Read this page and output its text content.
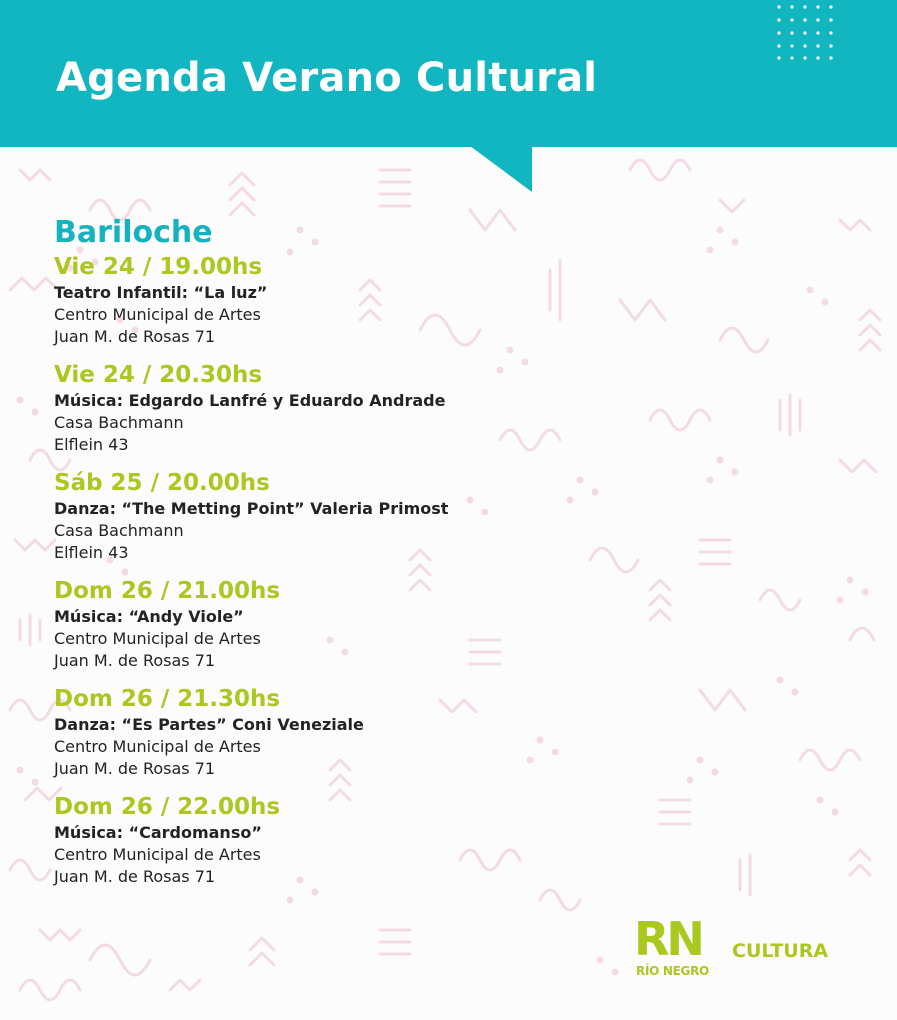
Agenda Verano Cultural
Bariloche

Vie 24 / 19.00hs

Teatro Infantil: “La luz”

Centro Municipal de Artes

Juan M. de Rosas 71

Vie 24 / 20.30hs

Música: Edgardo Lanfré y Eduardo Andrade

Casa Bachmann

Elflein 43

Sáb 25 / 20.00hs

Danza: “The Metting Point” Valeria Primost

Casa Bachmann

Elflein 43

Dom 26 / 21.00hs

Música: “Andy Viole”

Centro Municipal de Artes

Juan M. de Rosas 71

Dom 26 / 21.30hs

Danza: “Es Partes” Coni Veneziale

Centro Municipal de Artes

Juan M. de Rosas 71

Dom 26 / 22.00hs

Música: “Cardomanso”

Centro Municipal de Artes

Juan M. de Rosas 71

RN
RÍO NEGRO
CULTURA
